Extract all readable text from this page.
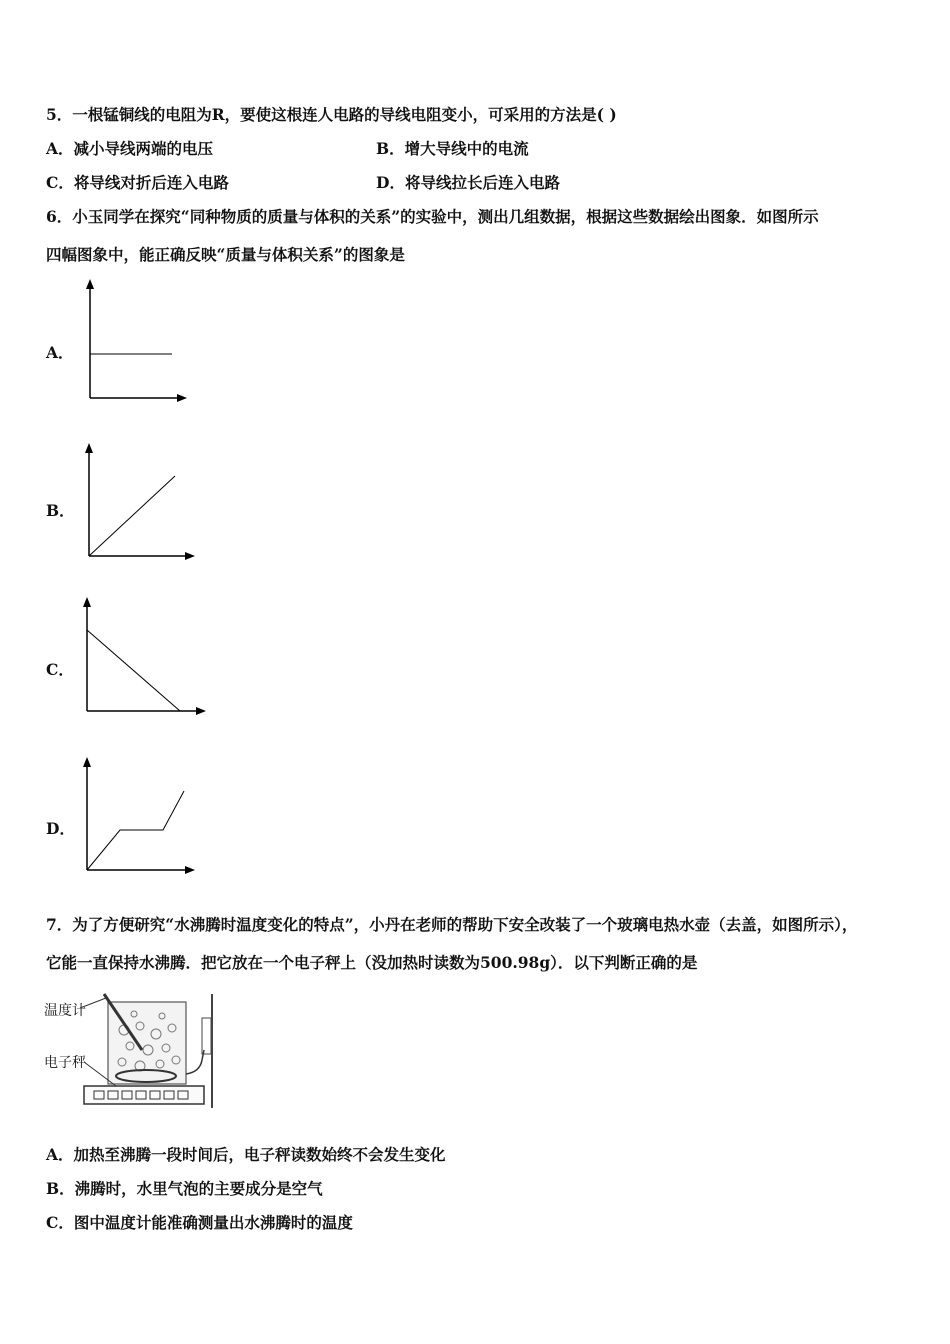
5．一根锰铜线的电阻为R，要使这根连人电路的导线电阻变小，可采用的方法是( )
A．减小导线两端的电压	B．增大导线中的电流
C．将导线对折后连入电路	D．将导线拉长后连入电路
6．小玉同学在探究“同种物质的质量与体积的关系”的实验中，测出几组数据，根据这些数据绘出图象．如图所示
四幅图象中，能正确反映“质量与体积关系”的图象是
A．
B．
C．
D．
7．为了方便研究“水沸腾时温度变化的特点”，小丹在老师的帮助下安全改装了一个玻璃电热水壶（去盖，如图所示），
它能一直保持水沸腾．把它放在一个电子秤上（没加热时读数为500.98g）．以下判断正确的是
温度计
电子秤
A．加热至沸腾一段时间后，电子秤读数始终不会发生变化
B．沸腾时，水里气泡的主要成分是空气
C．图中温度计能准确测量出水沸腾时的温度
